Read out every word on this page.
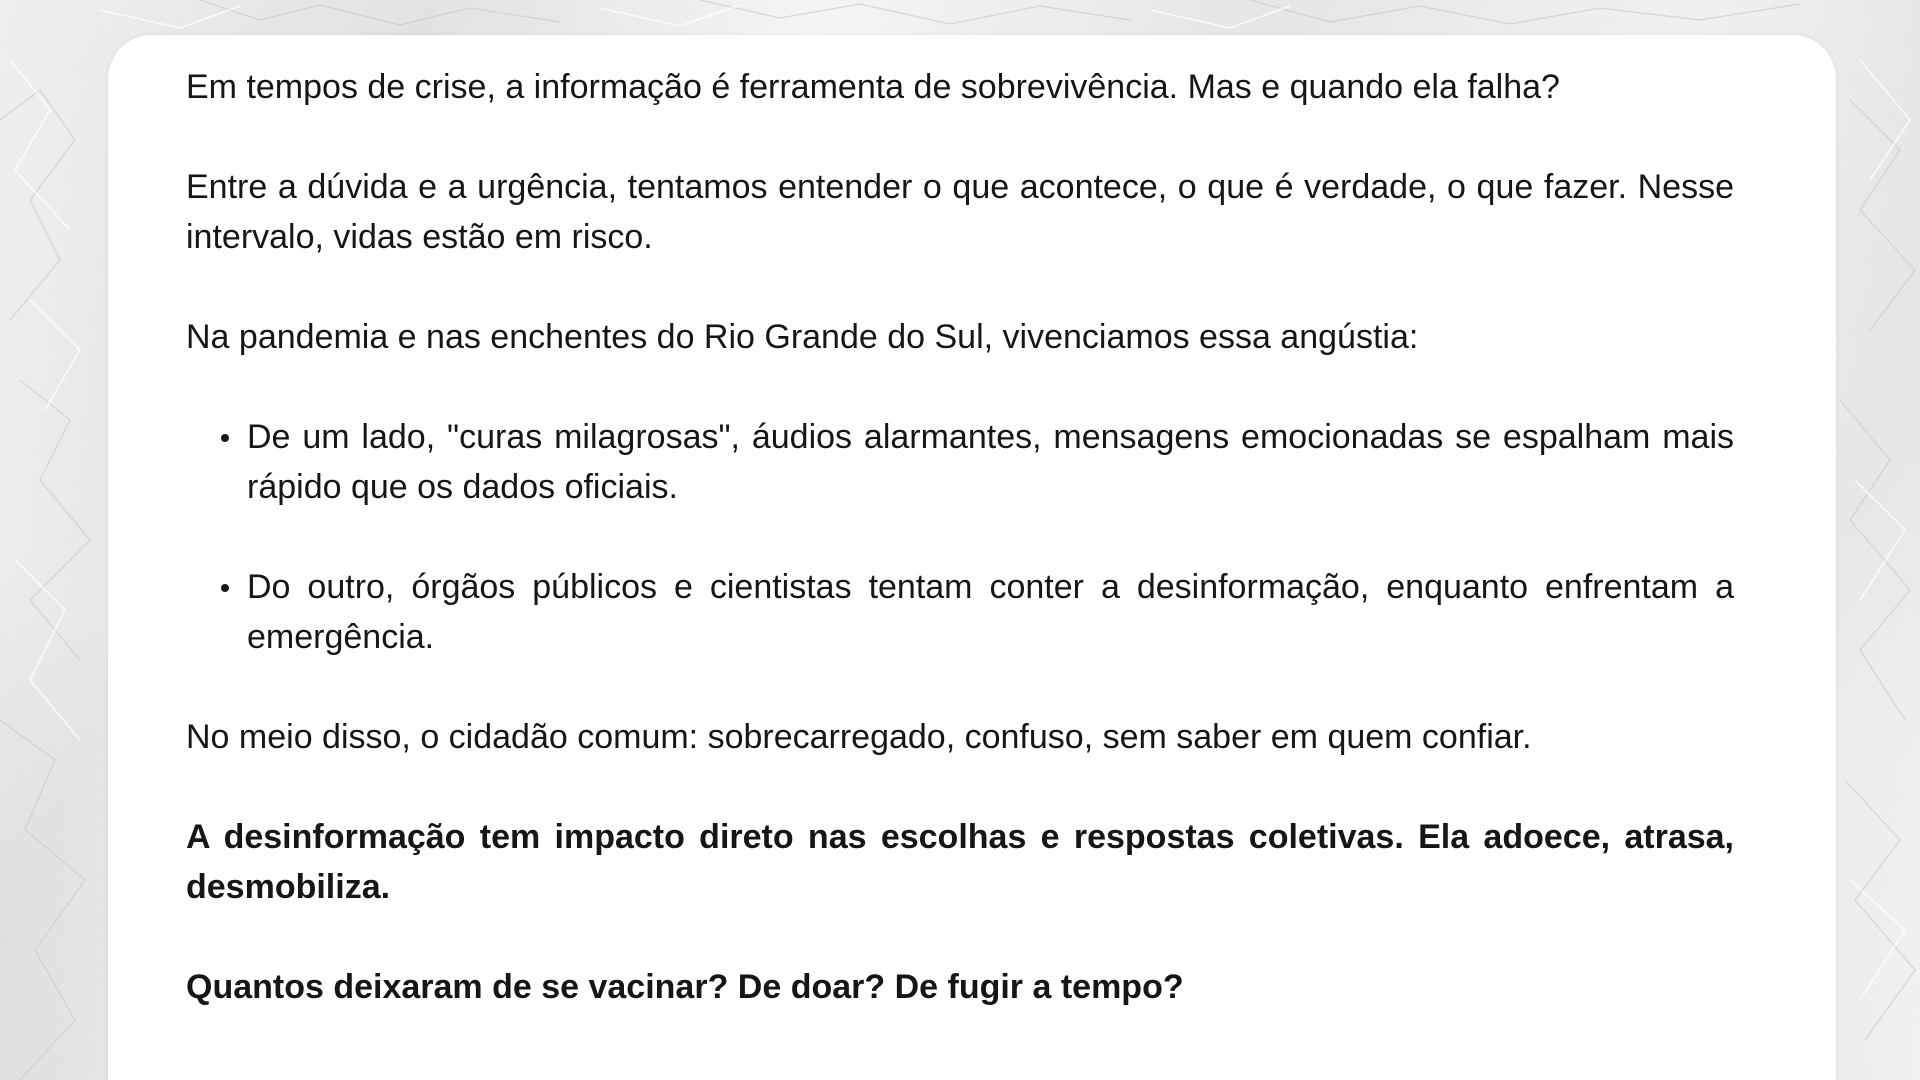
Em tempos de crise, a informação é ferramenta de sobrevivência. Mas e quando ela falha?

Entre a dúvida e a urgência, tentamos entender o que acontece, o que é verdade, o que fazer. Nesse intervalo, vidas estão em risco.

Na pandemia e nas enchentes do Rio Grande do Sul, vivenciamos essa angústia:

De um lado, "curas milagrosas", áudios alarmantes, mensagens emocionadas se espalham mais rápido que os dados oficiais.
Do outro, órgãos públicos e cientistas tentam conter a desinformação, enquanto enfrentam a emergência.

No meio disso, o cidadão comum: sobrecarregado, confuso, sem saber em quem confiar.

A desinformação tem impacto direto nas escolhas e respostas coletivas. Ela adoece, atrasa, desmobiliza.

Quantos deixaram de se vacinar? De doar? De fugir a tempo?
